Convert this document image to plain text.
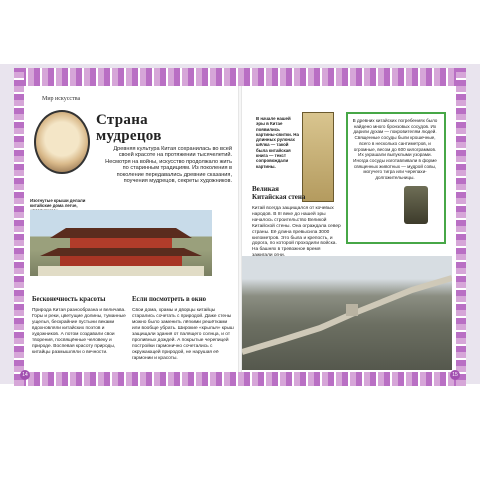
Мир искусства
Страна
мудрецов
Древняя культура Китая сохранилась во всей своей красоте на протяжении тысячелетий. Несмотря на войны, искусство продолжало жить по старинным традициям. Из поколения в поколение передавались древние сказания, поучения мудрецов, секреты художников.
Изогнутые крыши делали китайские дома легче,
Бесконечность красоты
Природа Китая разнообразна и величава. Горы и реки, цветущие долины, туманные ущелья, бескрайние пустыни веками вдохновляли китайских поэтов и художников. А потом создавали свои творения, посвящённые человеку и природе. Воспевая красоту природы, китайцы размышляли о вечности.
Если посмотреть в окно
Свои дома, храмы и дворцы китайцы старались сочетать с природой. Даже стены можно было заменить лёгкими решётками или вообще убрать. Широкие «крылья» крыш защищали здания от палящего солнца, и от проливных дождей. А покрытые черепицей постройки гармонично сочетались с окружающей природой, не нарушая её гармонии и красоты.
В начале нашей эры в Китае появились картины-свитки. На длинных рулонах шёлка — такой была китайская книга — текст сопровождали картины.
В древних китайских погребениях было найдено много бронзовых сосудов. Их дарили духам — покровителям людей. Священные сосуды были крошечные, всего в несколько сантиметров, и огромные, весом до 600 килограммов. Их украшали выпуклыми узорами. Иногда сосуды изготавливали в форме священных животных — мудрой совы, могучего тигра или черепахи-долгожительницы.
Великая
Китайская стена
Китай всегда защищался от кочевых народов. В III веке до нашей эры началось строительство Великой Китайской стены. Она ограждала север страны. Её длина превысила 3000 километров. Это была и крепость, и дорога, по которой проходили войска. На башнях в тревожное время
14	15
